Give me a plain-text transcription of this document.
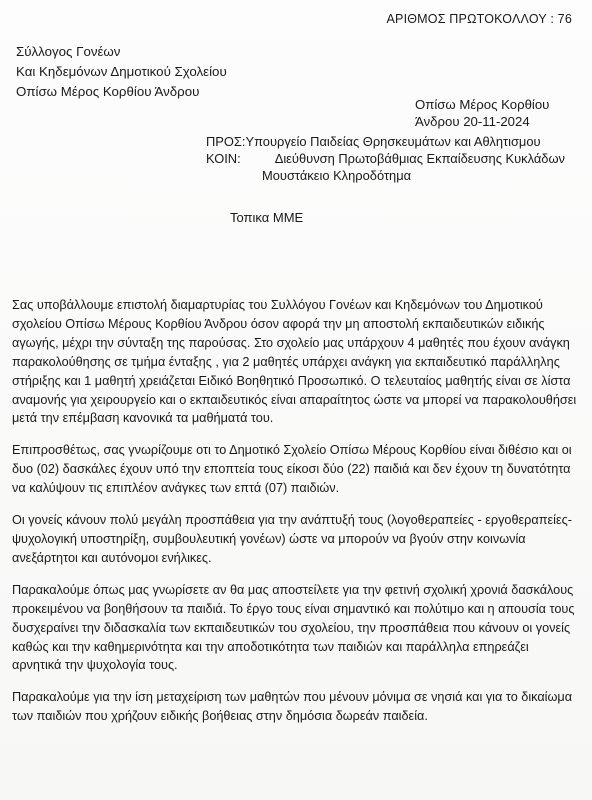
ΑΡΙΘΜΟΣ ΠΡΩΤΟΚΟΛΛΟΥ : 76
Σύλλογος Γονέων
Και Κηδεμόνων Δημοτικού Σχολείου
Οπίσω Μέρος Κορθίου Άνδρου
Οπίσω Μέρος Κορθίου
Άνδρου 20-11-2024
ΠΡΟΣ:Υπουργείο Παιδείας Θρησκευμάτων και Αθλητισμου
ΚΟΙΝ:	Διεύθυνση Πρωτοβάθμιας Εκπαίδευσης Κυκλάδων
Μουστάκειο Κληροδότημα
Τοπικα ΜΜΕ

Σας υποβάλλουμε επιστολή διαμαρτυρίας του Συλλόγου Γονέων και Κηδεμόνων του Δημοτικού σχολείου Οπίσω Μέρους Κορθίου Άνδρου όσον αφορά την μη αποστολή εκπαιδευτικών ειδικής αγωγής, μέχρι την σύνταξη της παρούσας. Στο σχολείο μας υπάρχουν 4 μαθητές που έχουν ανάγκη παρακολούθησης σε τμήμα ένταξης , για 2 μαθητές υπάρχει ανάγκη για εκπαιδευτικό παράλληλης στήριξης και 1 μαθητή χρειάζεται Ειδικό Βοηθητικό Προσωπικό. Ο τελευταίος μαθητής είναι σε λίστα αναμονής για χειρουργείο και ο εκπαιδευτικός είναι απαραίτητος ώστε να μπορεί να παρακολουθήσει μετά την επέμβαση κανονικά τα μαθήματά του.

Επιπροσθέτως, σας γνωρίζουμε οτι το Δημοτικό Σχολείο Οπίσω Μέρους Κορθίου είναι διθέσιο και οι δυο (02) δασκάλες έχουν υπό την εποπτεία τους είκοσι δύο (22) παιδιά και δεν έχουν τη δυνατότητα να καλύψουν τις επιπλέον ανάγκες των επτά (07) παιδιών.

Οι γονείς κάνουν πολύ μεγάλη προσπάθεια για την ανάπτυξή τους (λογοθεραπείες - εργοθεραπείες-ψυχολογική υποστηρίξη, συμβουλευτική γονέων) ώστε να μπορούν να βγούν στην κοινωνία ανεξάρτητοι και αυτόνομοι ενήλικες.

Παρακαλούμε όπως μας γνωρίσετε αν θα μας αποστείλετε για την φετινή σχολική χρονιά δασκάλους προκειμένου να βοηθήσουν τα παιδιά. Το έργο τους είναι σημαντικό και πολύτιμο και η απουσία τους δυσχεραίνει την διδασκαλία των εκπαιδευτικών του σχολείου, την προσπάθεια που κάνουν οι γονείς καθώς και την καθημερινότητα και την αποδοτικότητα των παιδιών και παράλληλα επηρεάζει αρνητικά την ψυχολογία τους.

Παρακαλούμε για την ίση μεταχείριση των μαθητών που μένουν μόνιμα σε νησιά και για το δικαίωμα των παιδιών που χρήζουν ειδικής βοήθειας στην δημόσια δωρεάν παιδεία.
